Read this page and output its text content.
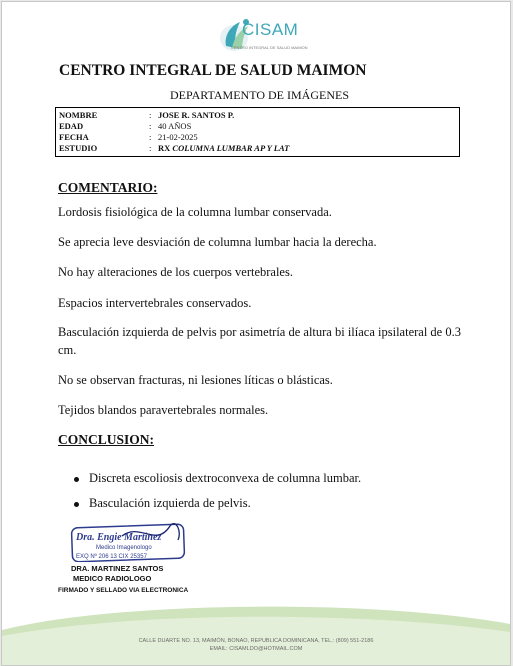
CISAM
CENTRO INTEGRAL DE SALUD MAIMON
CENTRO INTEGRAL DE SALUD MAIMON
DEPARTAMENTO DE IMÁGENES
NOMBRE	: JOSE R. SANTOS P.
EDAD	: 40 AÑOS
FECHA	: 21-02-2025
ESTUDIO	: RX COLUMNA LUMBAR AP Y LAT
COMENTARIO:
Lordosis fisiológica de la columna lumbar conservada.
Se aprecia leve desviación de columna lumbar hacia la derecha.
No hay alteraciones de los cuerpos vertebrales.
Espacios intervertebrales conservados.
Basculación izquierda de pelvis por asimetría de altura bi ilíaca ipsilateral de 0.3 cm.
No se observan fracturas, ni lesiones líticas o blásticas.
Tejidos blandos paravertebrales normales.
CONCLUSION:
Discreta escoliosis dextroconvexa de columna lumbar.
Basculación izquierda de pelvis.
Dra. Engie Martinez
Medico Imagenologo
EXQ Nº 206 13 CIX 25357
DRA. MARTINEZ SANTOS
MEDICO RADIOLOGO
FIRMADO Y SELLADO VIA ELECTRONICA
CALLE DUARTE NO. 13, MAIMÓN, BONAO, REPUBLICA DOMINICANA, TEL.: (809) 551-2186
EMAIL: CISAMLDO@HOTMAIL.COM
